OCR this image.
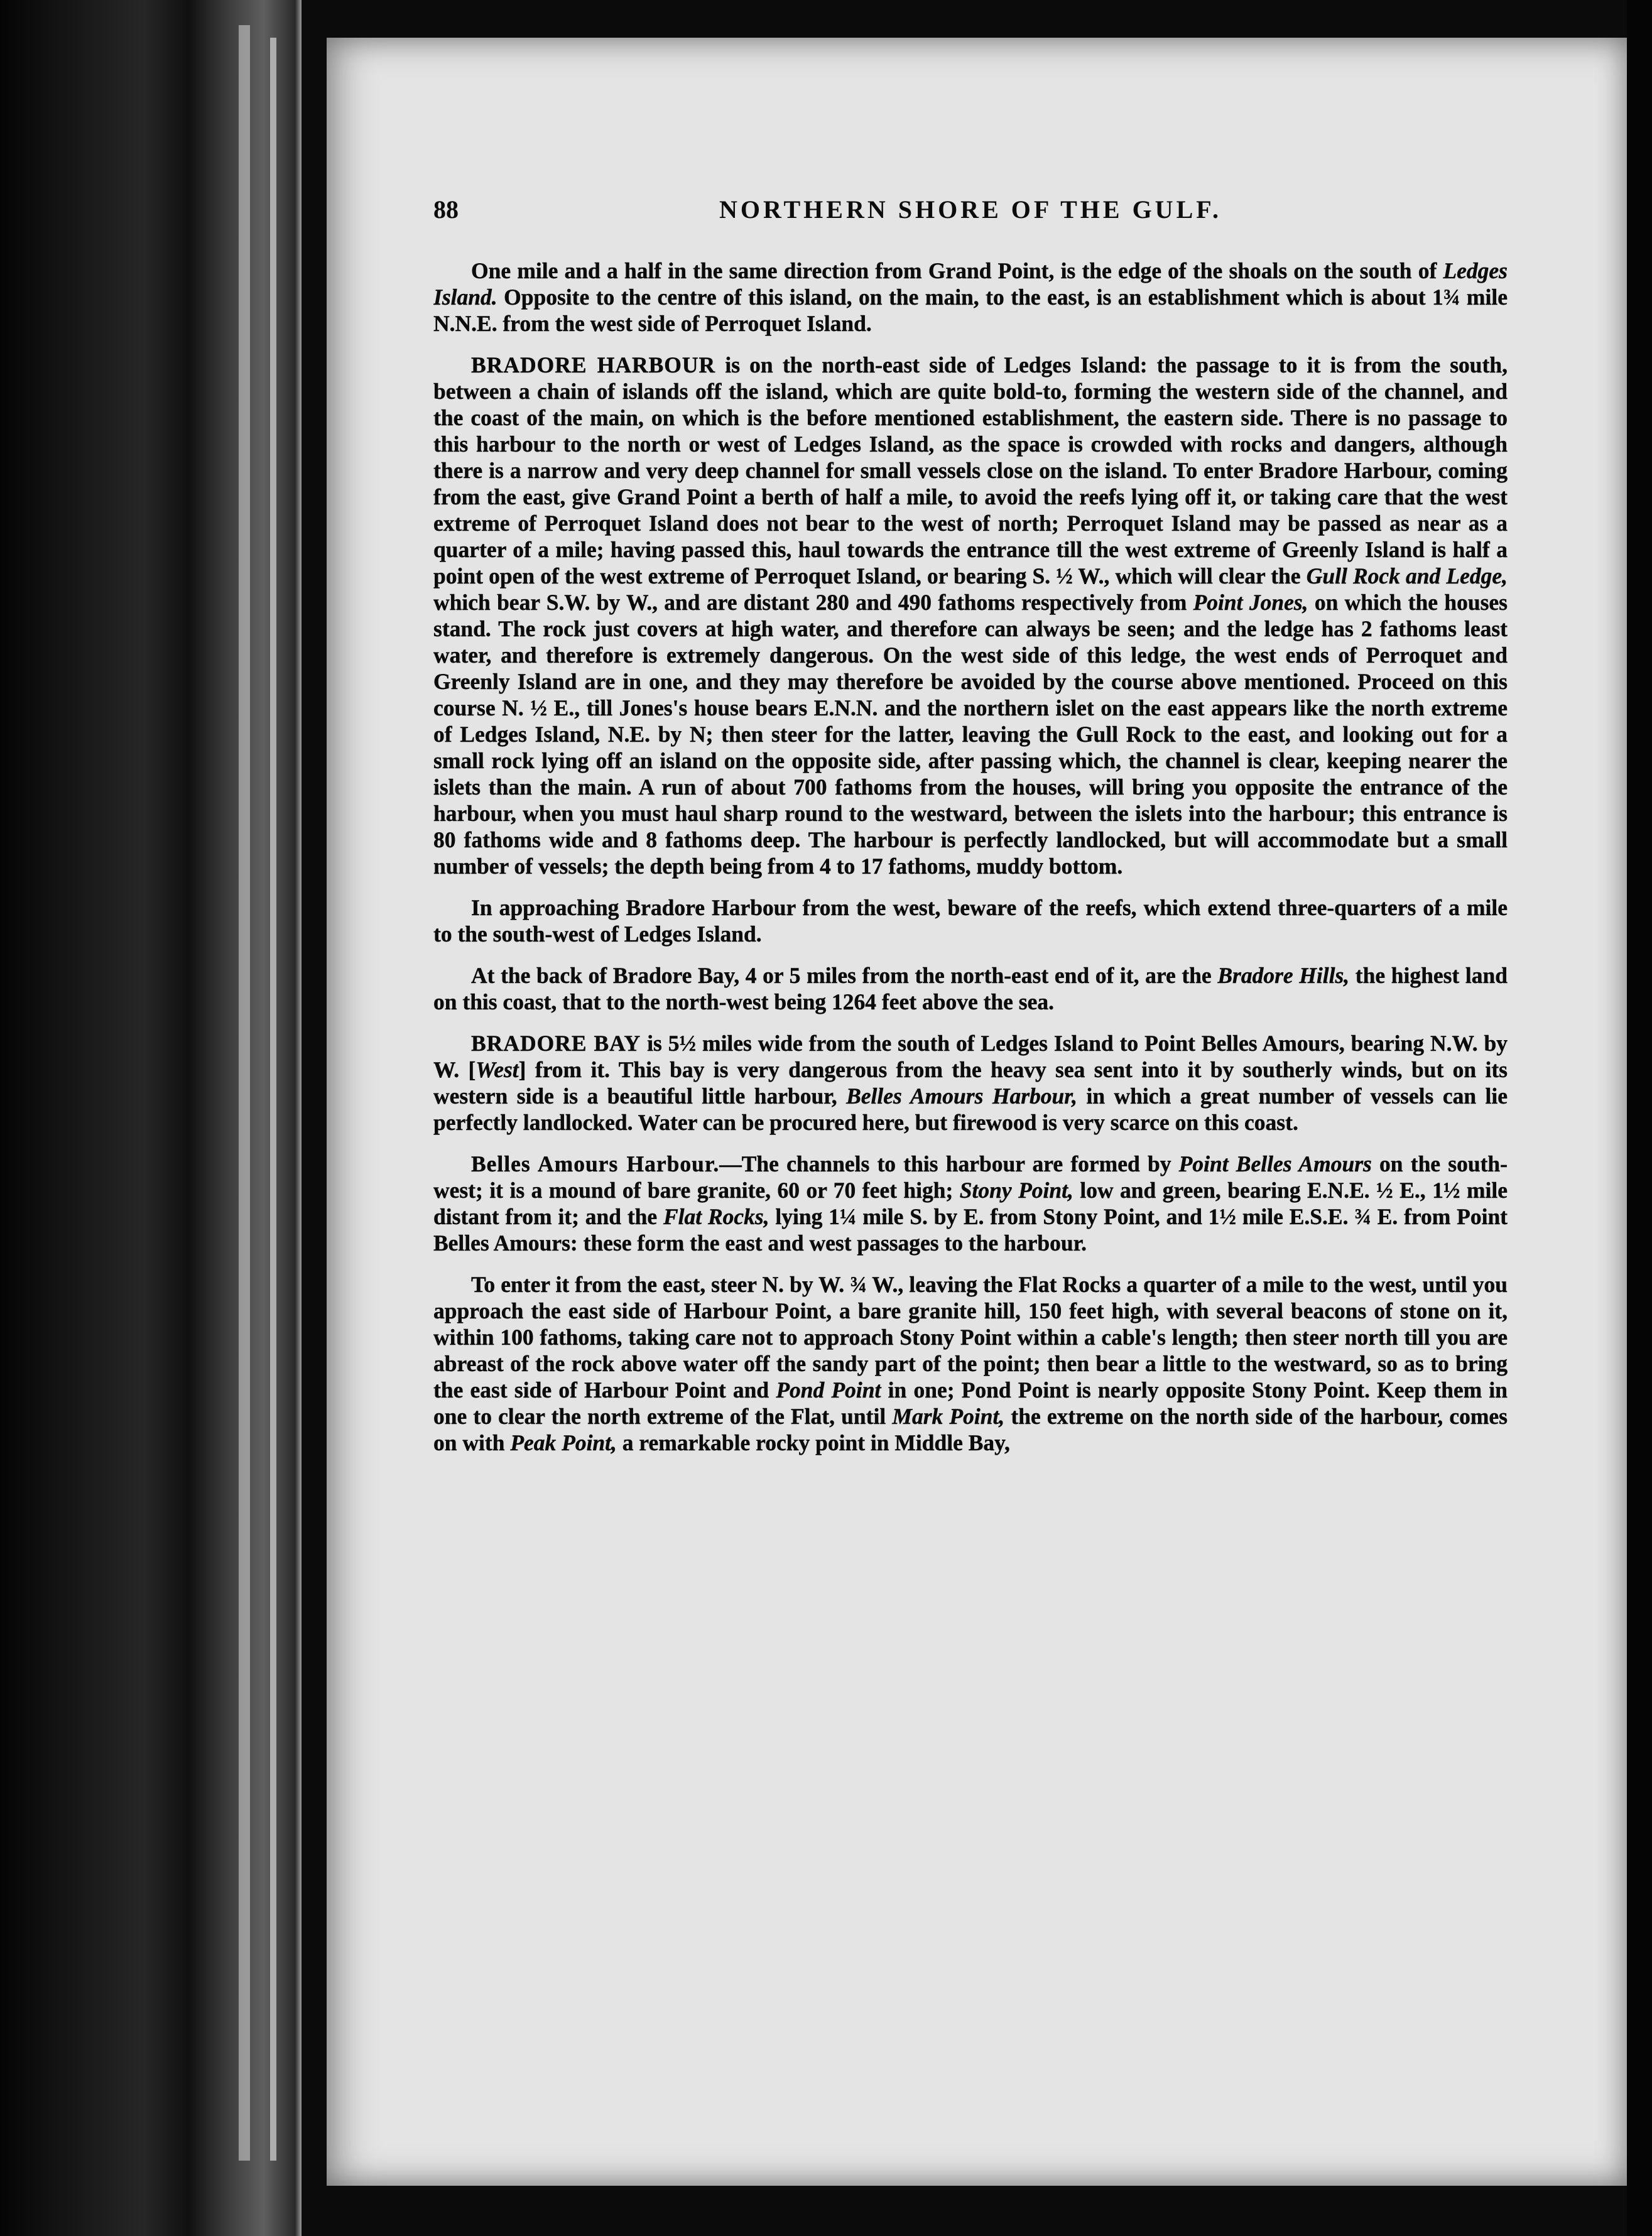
88	NORTHERN SHORE OF THE GULF.

One mile and a half in the same direction from Grand Point, is the edge of the shoals on the south of Ledges Island. Opposite to the centre of this island, on the main, to the east, is an establishment which is about 1¾ mile N.N.E. from the west side of Perroquet Island.

BRADORE HARBOUR is on the north-east side of Ledges Island: the passage to it is from the south, between a chain of islands off the island, which are quite bold-to, forming the western side of the channel, and the coast of the main, on which is the before mentioned establishment, the eastern side. There is no passage to this harbour to the north or west of Ledges Island, as the space is crowded with rocks and dangers, although there is a narrow and very deep channel for small vessels close on the island. To enter Bradore Harbour, coming from the east, give Grand Point a berth of half a mile, to avoid the reefs lying off it, or taking care that the west extreme of Perroquet Island does not bear to the west of north; Perroquet Island may be passed as near as a quarter of a mile; having passed this, haul towards the entrance till the west extreme of Greenly Island is half a point open of the west extreme of Perroquet Island, or bearing S. ½ W., which will clear the Gull Rock and Ledge, which bear S.W. by W., and are distant 280 and 490 fathoms respectively from Point Jones, on which the houses stand. The rock just covers at high water, and therefore can always be seen; and the ledge has 2 fathoms least water, and therefore is extremely dangerous. On the west side of this ledge, the west ends of Perroquet and Greenly Island are in one, and they may therefore be avoided by the course above mentioned. Proceed on this course N. ½ E., till Jones's house bears E.N.N. and the northern islet on the east appears like the north extreme of Ledges Island, N.E. by N; then steer for the latter, leaving the Gull Rock to the east, and looking out for a small rock lying off an island on the opposite side, after passing which, the channel is clear, keeping nearer the islets than the main. A run of about 700 fathoms from the houses, will bring you opposite the entrance of the harbour, when you must haul sharp round to the westward, between the islets into the harbour; this entrance is 80 fathoms wide and 8 fathoms deep. The harbour is perfectly landlocked, but will accommodate but a small number of vessels; the depth being from 4 to 17 fathoms, muddy bottom.

In approaching Bradore Harbour from the west, beware of the reefs, which extend three-quarters of a mile to the south-west of Ledges Island.

At the back of Bradore Bay, 4 or 5 miles from the north-east end of it, are the Bradore Hills, the highest land on this coast, that to the north-west being 1264 feet above the sea.

BRADORE BAY is 5½ miles wide from the south of Ledges Island to Point Belles Amours, bearing N.W. by W. [West] from it. This bay is very dangerous from the heavy sea sent into it by southerly winds, but on its western side is a beautiful little harbour, Belles Amours Harbour, in which a great number of vessels can lie perfectly landlocked. Water can be procured here, but firewood is very scarce on this coast.

Belles Amours Harbour.—The channels to this harbour are formed by Point Belles Amours on the south-west; it is a mound of bare granite, 60 or 70 feet high; Stony Point, low and green, bearing E.N.E. ½ E., 1½ mile distant from it; and the Flat Rocks, lying 1¼ mile S. by E. from Stony Point, and 1½ mile E.S.E. ¾ E. from Point Belles Amours: these form the east and west passages to the harbour.

To enter it from the east, steer N. by W. ¾ W., leaving the Flat Rocks a quarter of a mile to the west, until you approach the east side of Harbour Point, a bare granite hill, 150 feet high, with several beacons of stone on it, within 100 fathoms, taking care not to approach Stony Point within a cable's length; then steer north till you are abreast of the rock above water off the sandy part of the point; then bear a little to the westward, so as to bring the east side of Harbour Point and Pond Point in one; Pond Point is nearly opposite Stony Point. Keep them in one to clear the north extreme of the Flat, until Mark Point, the extreme on the north side of the harbour, comes on with Peak Point, a remarkable rocky point in Middle Bay,
